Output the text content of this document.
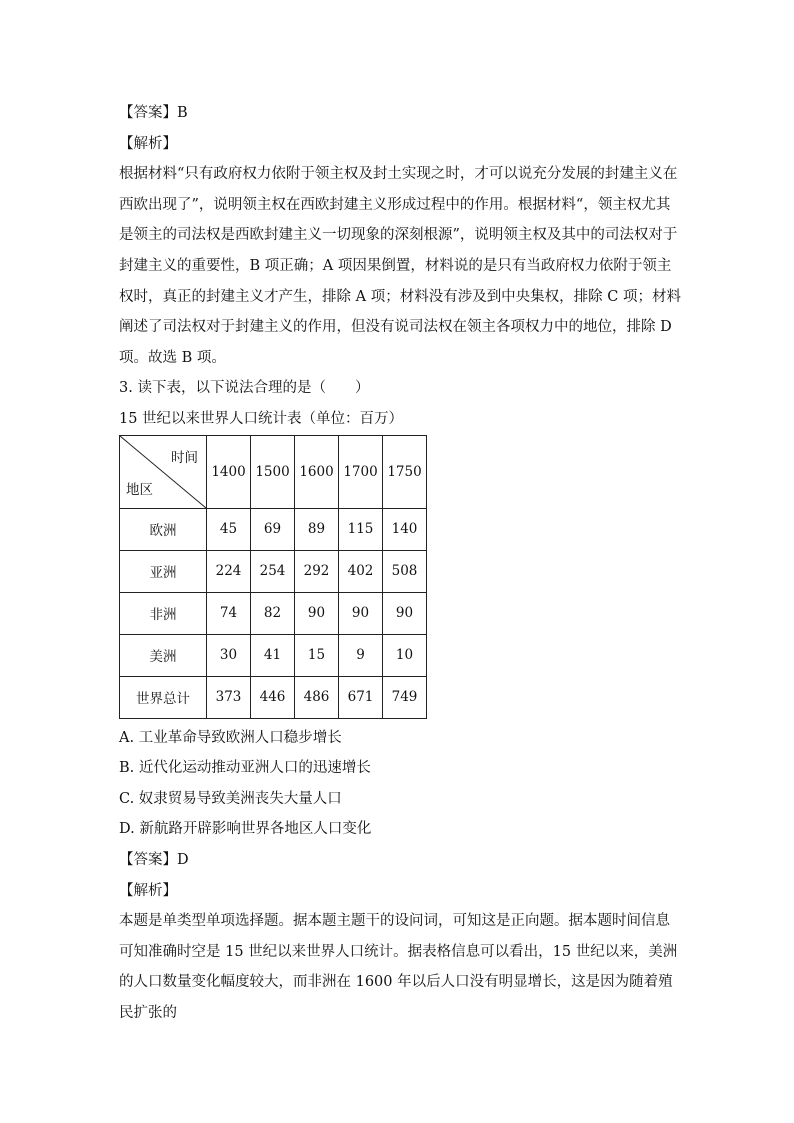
【答案】B
【解析】
根据材料“只有政府权力依附于领主权及封土实现之时，才可以说充分发展的封建主义在西欧出现了”，说明领主权在西欧封建主义形成过程中的作用。根据材料“，领主权尤其是领主的司法权是西欧封建主义一切现象的深刻根源”，说明领主权及其中的司法权对于封建主义的重要性，B 项正确；A 项因果倒置，材料说的是只有当政府权力依附于领主权时，真正的封建主义才产生，排除 A 项；材料没有涉及到中央集权，排除 C 项；材料阐述了司法权对于封建主义的作用，但没有说司法权在领主各项权力中的地位，排除 D 项。故选 B 项。
3. 读下表，以下说法合理的是（　　）
15 世纪以来世界人口统计表（单位：百万）
时间
地区	1400	1500	1600	1700	1750
欧洲	45	69	89	115	140
亚洲	224	254	292	402	508
非洲	74	82	90	90	90
美洲	30	41	15	9	10
世界总计	373	446	486	671	749
A. 工业革命导致欧洲人口稳步增长
B. 近代化运动推动亚洲人口的迅速增长
C. 奴隶贸易导致美洲丧失大量人口
D. 新航路开辟影响世界各地区人口变化
【答案】D
【解析】
本题是单类型单项选择题。据本题主题干的设问词，可知这是正向题。据本题时间信息可知准确时空是 15 世纪以来世界人口统计。据表格信息可以看出，15 世纪以来，美洲的人口数量变化幅度较大，而非洲在 1600 年以后人口没有明显增长，这是因为随着殖民扩张的
